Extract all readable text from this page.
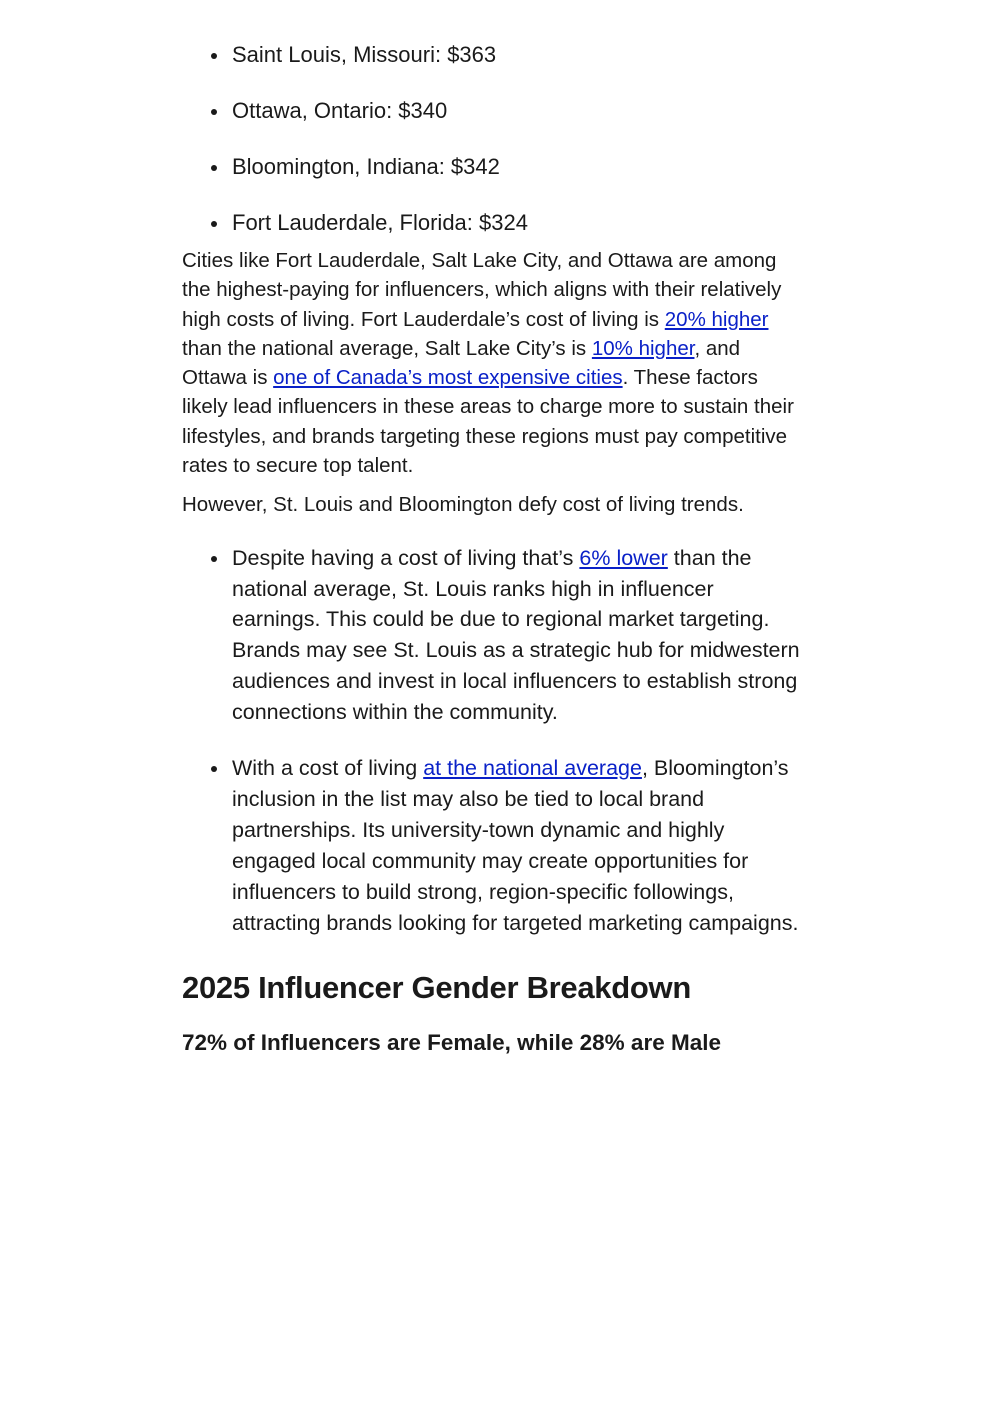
Saint Louis, Missouri: $363
Ottawa, Ontario: $340
Bloomington, Indiana: $342
Fort Lauderdale, Florida: $324

Cities like Fort Lauderdale, Salt Lake City, and Ottawa are among the highest-paying for influencers, which aligns with their relatively high costs of living. Fort Lauderdale’s cost of living is 20% higher than the national average, Salt Lake City’s is 10% higher, and Ottawa is one of Canada’s most expensive cities. These factors likely lead influencers in these areas to charge more to sustain their lifestyles, and brands targeting these regions must pay competitive rates to secure top talent.

However, St. Louis and Bloomington defy cost of living trends.

Despite having a cost of living that’s 6% lower than the national average, St. Louis ranks high in influencer earnings. This could be due to regional market targeting. Brands may see St. Louis as a strategic hub for midwestern audiences and invest in local influencers to establish strong connections within the community.
With a cost of living at the national average, Bloomington’s inclusion in the list may also be tied to local brand partnerships. Its university-town dynamic and highly engaged local community may create opportunities for influencers to build strong, region-specific followings, attracting brands looking for targeted marketing campaigns.
2025 Influencer Gender Breakdown
72% of Influencers are Female, while 28% are Male
